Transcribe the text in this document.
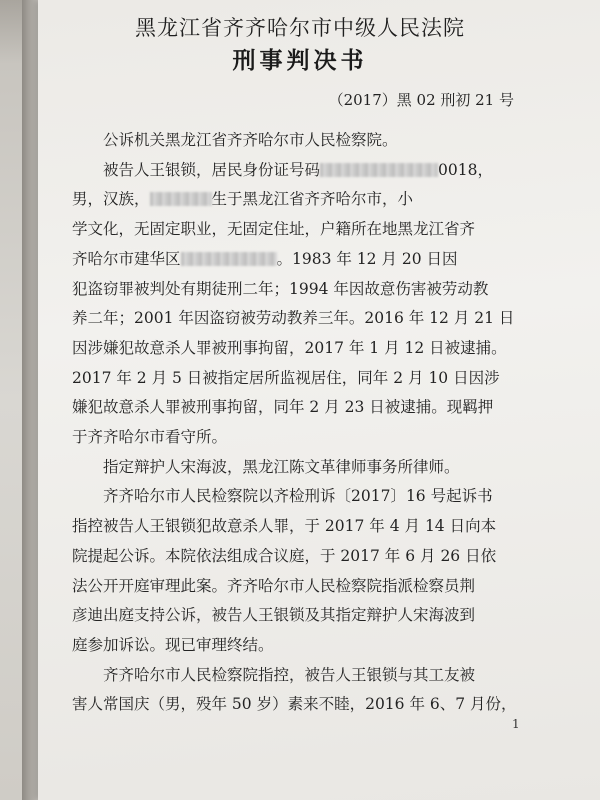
黑龙江省齐齐哈尔市中级人民法院
刑事判决书
（2017）黑 02 刑初 21 号

公诉机关黑龙江省齐齐哈尔市人民检察院。

被告人王银锁，居民身份证号码	0018，
男，汉族，	生于黑龙江省齐齐哈尔市，小
学文化，无固定职业，无固定住址，户籍所在地黑龙江省齐
齐哈尔市建华区	。1983 年 12 月 20 日因
犯盗窃罪被判处有期徒刑二年；1994 年因故意伤害被劳动教
养二年；2001 年因盗窃被劳动教养三年。2016 年 12 月 21 日
因涉嫌犯故意杀人罪被刑事拘留，2017 年 1 月 12 日被逮捕。
2017 年 2 月 5 日被指定居所监视居住，同年 2 月 10 日因涉
嫌犯故意杀人罪被刑事拘留，同年 2 月 23 日被逮捕。现羁押
于齐齐哈尔市看守所。

指定辩护人宋海波，黑龙江陈文革律师事务所律师。

齐齐哈尔市人民检察院以齐检刑诉〔2017〕16 号起诉书
指控被告人王银锁犯故意杀人罪，于 2017 年 4 月 14 日向本
院提起公诉。本院依法组成合议庭，于 2017 年 6 月 26 日依
法公开开庭审理此案。齐齐哈尔市人民检察院指派检察员荆
彦迪出庭支持公诉，被告人王银锁及其指定辩护人宋海波到
庭参加诉讼。现已审理终结。
齐齐哈尔市人民检察院指控，被告人王银锁与其工友被
害人常国庆（男，殁年 50 岁）素来不睦，2016 年 6、7 月份，
1
